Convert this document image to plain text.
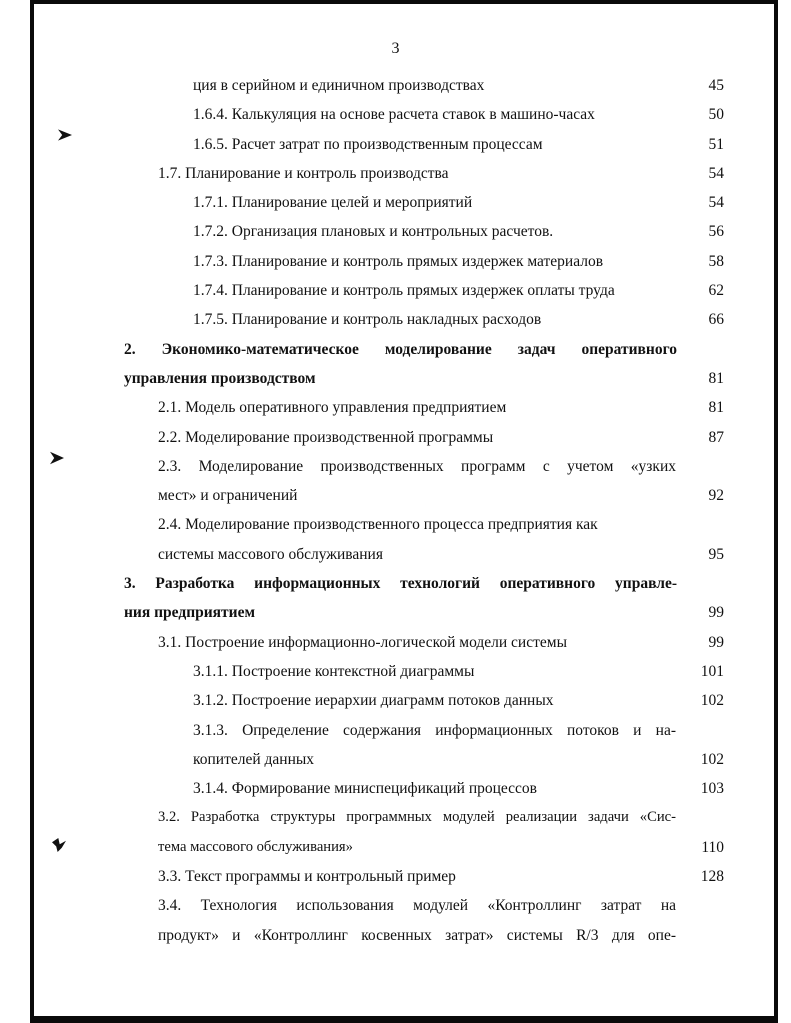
3
ция в серийном и единичном производствах	45
1.6.4. Калькуляция на основе расчета ставок в машино-часах	50
1.6.5. Расчет затрат по производственным процессам	51
1.7. Планирование и контроль производства	54
1.7.1. Планирование целей и мероприятий	54
1.7.2. Организация плановых и контрольных расчетов.	56
1.7.3. Планирование и контроль прямых издержек материалов	58
1.7.4. Планирование и контроль прямых издержек оплаты труда	62
1.7.5. Планирование и контроль накладных расходов	66
2. Экономико-математическое моделирование задач оперативного
управления производством	81
2.1. Модель оперативного управления предприятием	81
2.2. Моделирование производственной программы	87
2.3. Моделирование производственных программ с учетом «узких
мест» и ограничений	92
2.4. Моделирование производственного процесса предприятия как
системы массового обслуживания	95
3. Разработка информационных технологий оперативного управле-
ния предприятием	99
3.1. Построение информационно-логической модели системы	99
3.1.1. Построение контекстной диаграммы	101
3.1.2. Построение иерархии диаграмм потоков данных	102
3.1.3. Определение содержания информационных потоков и на-
копителей данных	102
3.1.4. Формирование миниспецификаций процессов	103
3.2. Разработка структуры программных модулей реализации задачи «Сис-
тема массового обслуживания»	110
3.3. Текст программы и контрольный пример	128
3.4. Технология использования модулей «Контроллинг затрат на
продукт» и «Контроллинг косвенных затрат» системы R/3 для опе-
